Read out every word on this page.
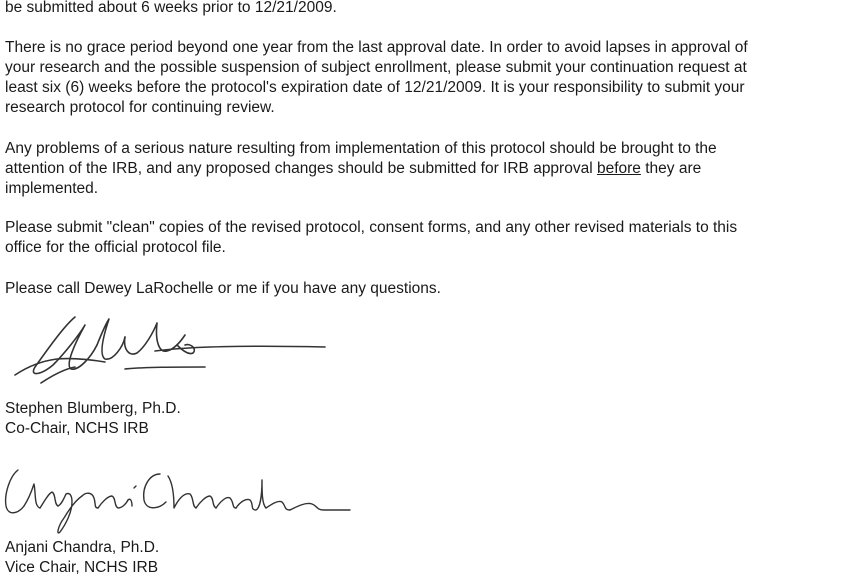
be submitted about 6 weeks prior to 12/21/2009.
There is no grace period beyond one year from the last approval date. In order to avoid lapses in approval of
your research and the possible suspension of subject enrollment, please submit your continuation request at
least six (6) weeks before the protocol's expiration date of 12/21/2009. It is your responsibility to submit your
research protocol for continuing review.
Any problems of a serious nature resulting from implementation of this protocol should be brought to the
attention of the IRB, and any proposed changes should be submitted for IRB approval before they are
implemented.
Please submit "clean" copies of the revised protocol, consent forms, and any other revised materials to this
office for the official protocol file.
Please call Dewey LaRochelle or me if you have any questions.
Stephen Blumberg, Ph.D.
Co-Chair, NCHS IRB
Anjani Chandra, Ph.D.
Vice Chair, NCHS IRB
